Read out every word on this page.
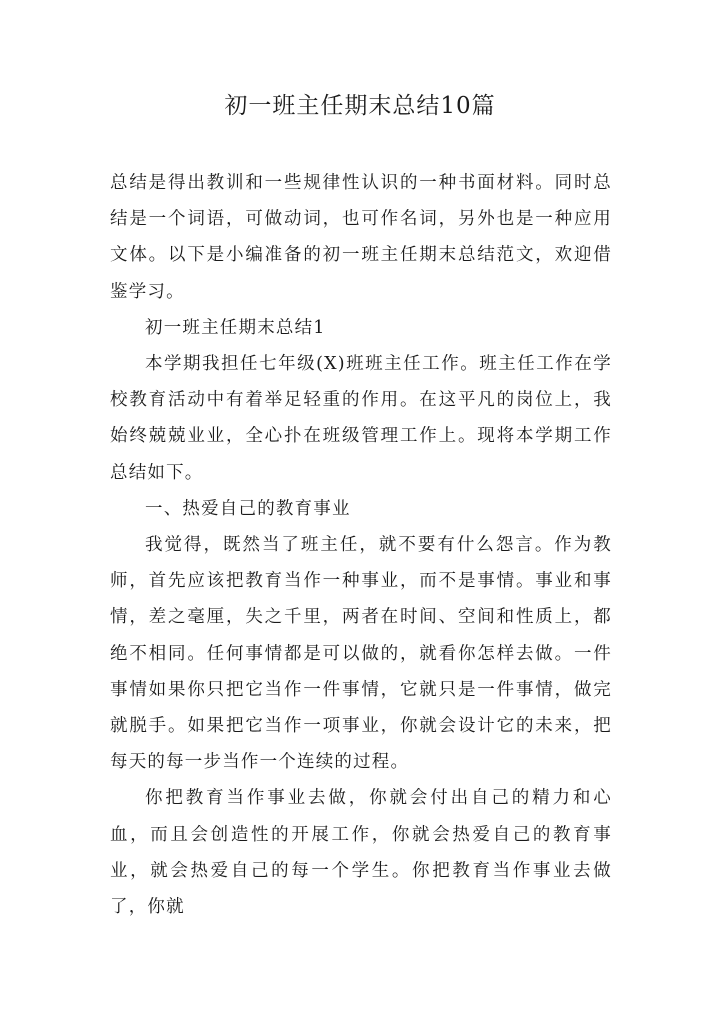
初一班主任期末总结10篇

总结是得出教训和一些规律性认识的一种书面材料。同时总结是一个词语，可做动词，也可作名词，另外也是一种应用文体。以下是小编准备的初一班主任期末总结范文，欢迎借鉴学习。

初一班主任期末总结1

本学期我担任七年级(X)班班主任工作。班主任工作在学校教育活动中有着举足轻重的作用。在这平凡的岗位上，我始终兢兢业业，全心扑在班级管理工作上。现将本学期工作总结如下。

一、热爱自己的教育事业

我觉得，既然当了班主任，就不要有什么怨言。作为教师，首先应该把教育当作一种事业，而不是事情。事业和事情，差之毫厘，失之千里，两者在时间、空间和性质上，都绝不相同。任何事情都是可以做的，就看你怎样去做。一件事情如果你只把它当作一件事情，它就只是一件事情，做完就脱手。如果把它当作一项事业，你就会设计它的未来，把每天的每一步当作一个连续的过程。

你把教育当作事业去做，你就会付出自己的精力和心血，而且会创造性的开展工作，你就会热爱自己的教育事业，就会热爱自己的每一个学生。你把教育当作事业去做了，你就
